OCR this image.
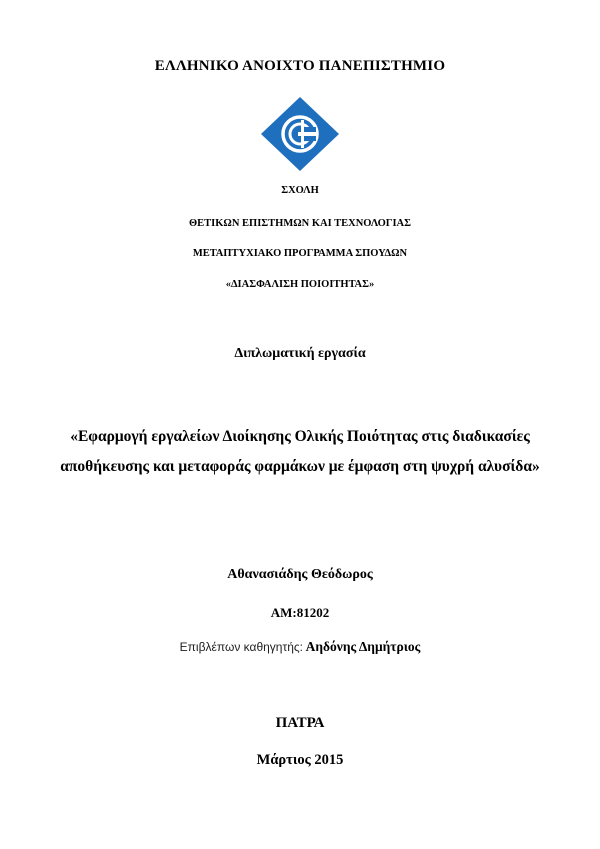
ΕΛΛΗΝΙΚΟ ΑΝΟΙΧΤΟ ΠΑΝΕΠΙΣΤΗΜΙΟ
ΣΧΟΛΗ
ΘΕΤΙΚΩΝ ΕΠΙΣΤΗΜΩΝ ΚΑΙ ΤΕΧΝΟΛΟΓΙΑΣ
ΜΕΤΑΠΤΥΧΙΑΚΟ ΠΡΟΓΡΑΜΜΑ ΣΠΟΥΔΩΝ
«ΔΙΑΣΦΑΛΙΣΗ ΠΟΙΟΙΤΗΤΑΣ»
Διπλωματική εργασία
«Εφαρμογή εργαλείων Διοίκησης Ολικής Ποιότητας στις διαδικασίες αποθήκευσης και μεταφοράς φαρμάκων με έμφαση στη ψυχρή αλυσίδα»
Αθανασιάδης Θεόδωρος
ΑΜ:81202
Επιβλέπων καθηγητής: Αηδόνης Δημήτριος
ΠΑΤΡΑ
Μάρτιος 2015
